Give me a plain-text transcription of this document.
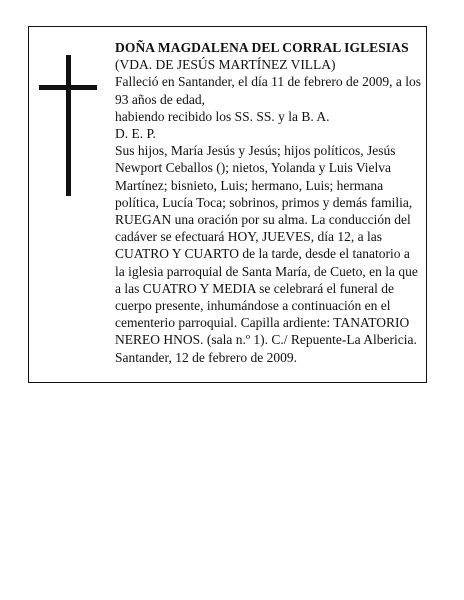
DOÑA MAGDALENA DEL CORRAL IGLESIAS

(VDA. DE JESÚS MARTÍNEZ VILLA)

Falleció en Santander, el día 11 de febrero de 2009, a los 93 años de edad,

habiendo recibido los SS. SS. y la B. A.

D. E. P.

Sus hijos, María Jesús y Jesús; hijos políticos, Jesús Newport Ceballos (); nietos, Yolanda y Luis Vielva Martínez; bisnieto, Luis; hermano, Luis; hermana política, Lucía Toca; sobrinos, primos y demás familia, RUEGAN una oración por su alma. La conducción del cadáver se efectuará HOY, JUEVES, día 12, a las CUATRO Y CUARTO de la tarde, desde el tanatorio a la iglesia parroquial de Santa María, de Cueto, en la que a las CUATRO Y MEDIA se celebrará el funeral de cuerpo presente, inhumándose a continuación en el cementerio parroquial. Capilla ardiente: TANATORIO NEREO HNOS. (sala n.º 1). C./ Repuente-La Albericia.

Santander, 12 de febrero de 2009.
